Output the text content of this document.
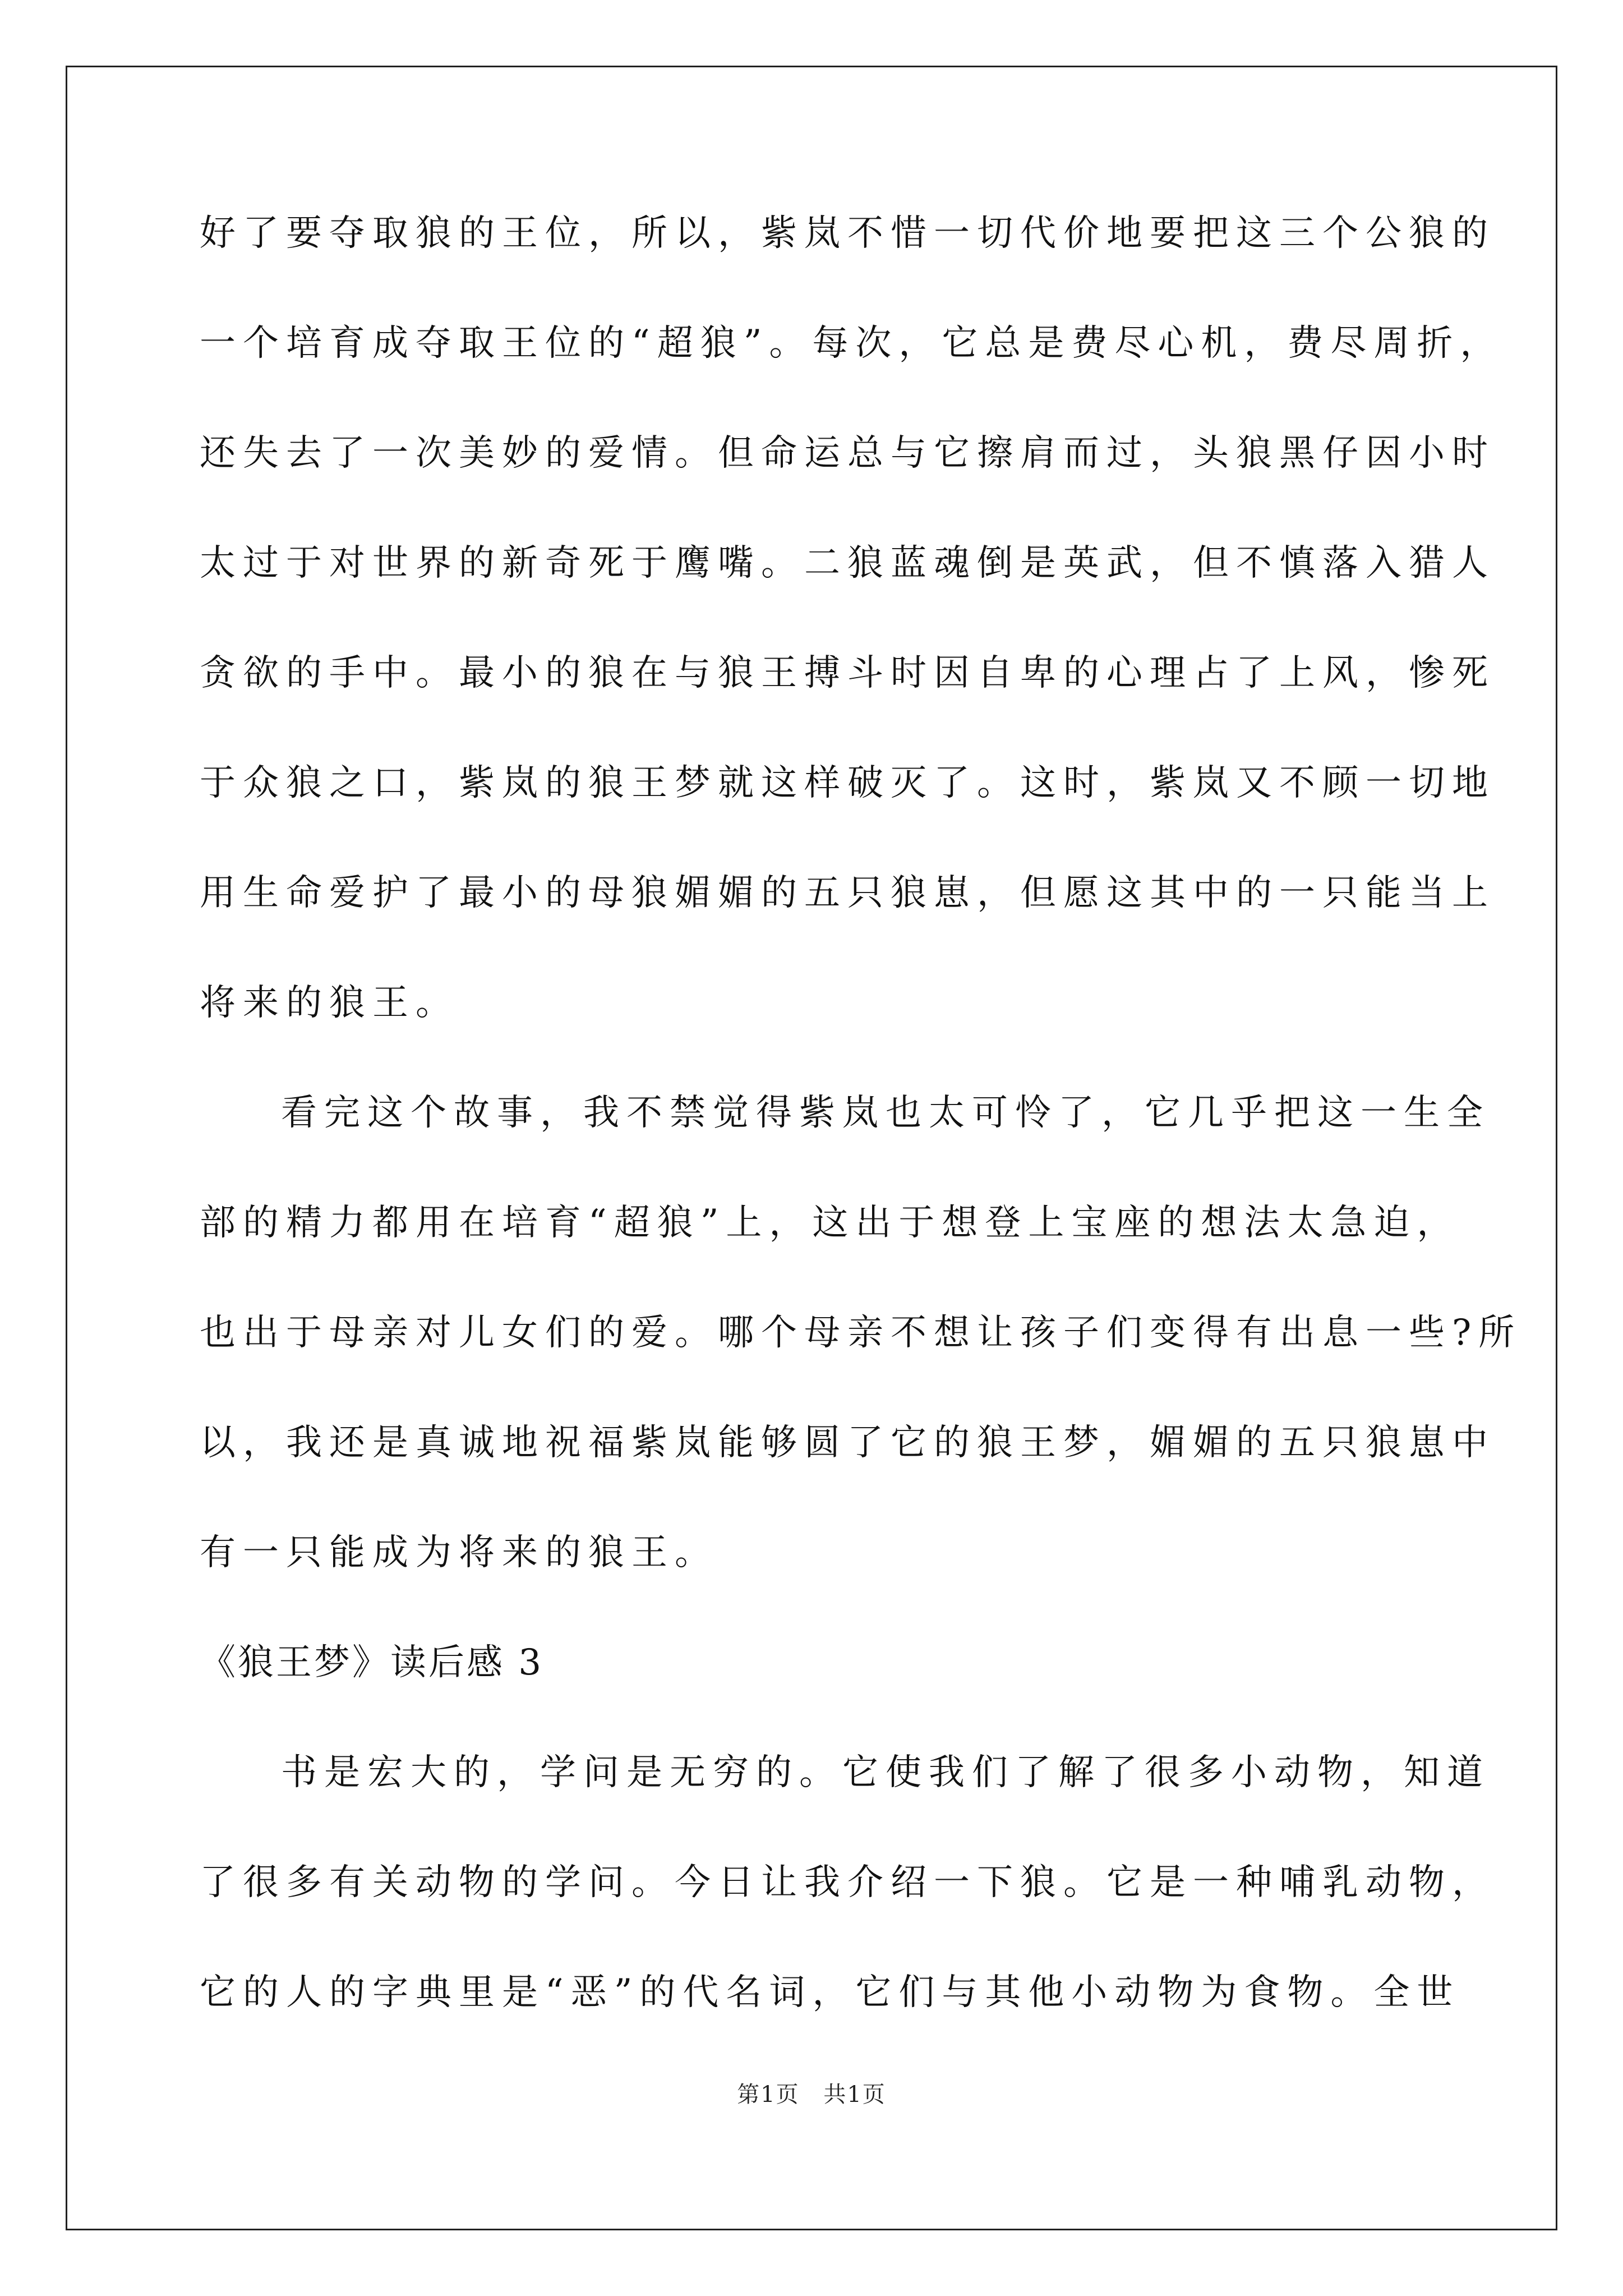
好了要夺取狼的王位，所以，紫岚不惜一切代价地要把这三个公狼的
一个培育成夺取王位的“超狼”。每次，它总是费尽心机，费尽周折，
还失去了一次美妙的爱情。但命运总与它擦肩而过，头狼黑仔因小时
太过于对世界的新奇死于鹰嘴。二狼蓝魂倒是英武，但不慎落入猎人
贪欲的手中。最小的狼在与狼王搏斗时因自卑的心理占了上风，惨死
于众狼之口，紫岚的狼王梦就这样破灭了。这时，紫岚又不顾一切地
用生命爱护了最小的母狼媚媚的五只狼崽，但愿这其中的一只能当上
将来的狼王。
看完这个故事，我不禁觉得紫岚也太可怜了，它几乎把这一生全
部的精力都用在培育“超狼”上，这出于想登上宝座的想法太急迫，
也出于母亲对儿女们的爱。哪个母亲不想让孩子们变得有出息一些?所
以，我还是真诚地祝福紫岚能够圆了它的狼王梦，媚媚的五只狼崽中
有一只能成为将来的狼王。
《狼王梦》读后感 3
书是宏大的，学问是无穷的。它使我们了解了很多小动物，知道
了很多有关动物的学问。今日让我介绍一下狼。它是一种哺乳动物，
它的人的字典里是“恶”的代名词，它们与其他小动物为食物。全世
第1页 共1页
